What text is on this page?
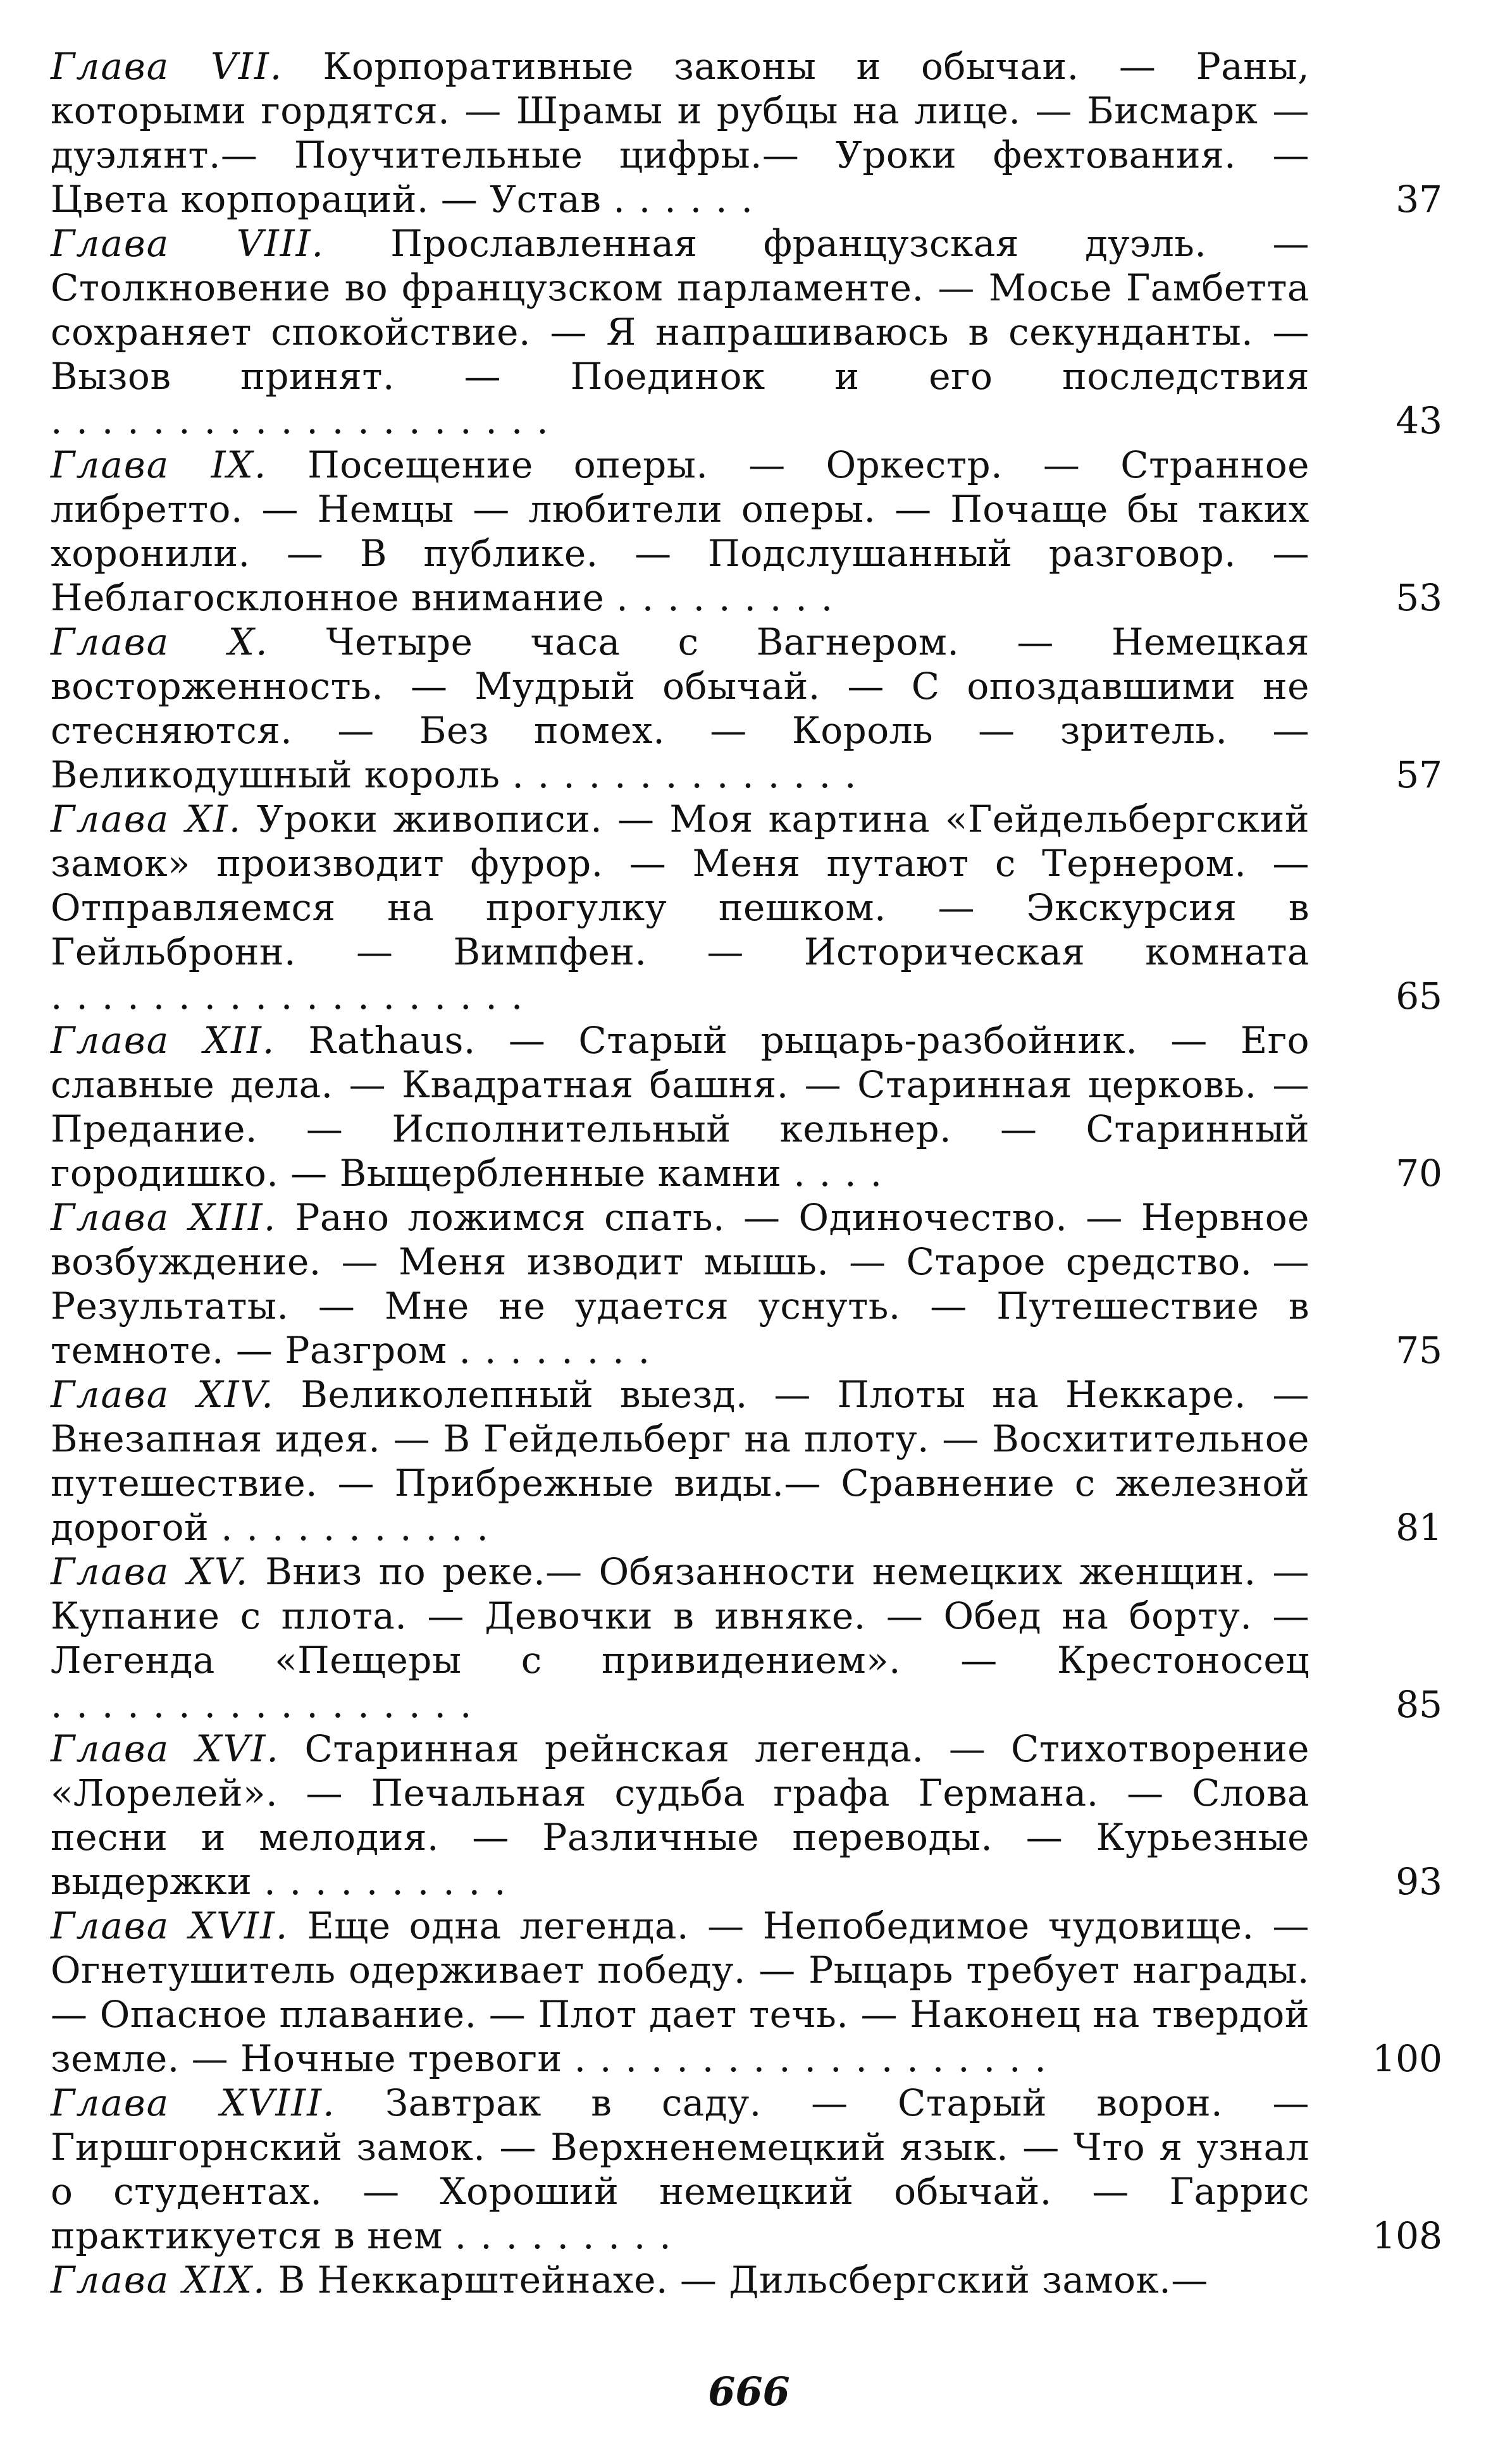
Глава VII. Корпоративные законы и обычаи. — Раны, которыми гордятся. — Шрамы и рубцы на лице. — Бисмарк — дуэлянт.— Поучительные цифры.— Уроки фехтования. — Цвета корпораций. — Устав ......	37
Глава VIII. Прославленная французская дуэль. — Столкновение во французском парламенте. — Мосье Гамбетта сохраняет спокойствие. — Я напрашиваюсь в секунданты. — Вызов принят. — Поединок и его последствия ....................	43
Глава IX. Посещение оперы. — Оркестр. — Странное либретто. — Немцы — любители оперы. — Почаще бы таких хоронили. — В публике. — Подслушанный разговор. — Неблагосклонное внимание .........	53
Глава X. Четыре часа с Вагнером. — Немецкая восторженность. — Мудрый обычай. — С опоздавшими не стесняются. — Без помех. — Король — зритель. — Великодушный король ..............	57
Глава XI. Уроки живописи. — Моя картина «Гейдельбергский замок» производит фурор. — Меня путают с Тернером. — Отправляемся на прогулку пешком. — Экскурсия в Гейльбронн. — Вимпфен. — Историческая комната ...................	65
Глава XII. Rathaus. — Старый рыцарь-разбойник. — Его славные дела. — Квадратная башня. — Старинная церковь. — Предание. — Исполнительный кельнер. — Старинный городишко. — Выщербленные камни ....	70
Глава XIII. Рано ложимся спать. — Одиночество. — Нервное возбуждение. — Меня изводит мышь. — Старое средство. — Результаты. — Мне не удается уснуть. — Путешествие в темноте. — Разгром ........	75
Глава XIV. Великолепный выезд. — Плоты на Неккаре. — Внезапная идея. — В Гейдельберг на плоту. — Восхитительное путешествие. — Прибрежные виды.— Сравнение с железной дорогой ...........	81
Глава XV. Вниз по реке.— Обязанности немецких женщин. — Купание с плота. — Девочки в ивняке. — Обед на борту. — Легенда «Пещеры с привидением». — Крестоносец .................	85
Глава XVI. Старинная рейнская легенда. — Стихотворение «Лорелей». — Печальная судьба графа Германа. — Слова песни и мелодия. — Различные переводы. — Курьезные выдержки ..........	93
Глава XVII. Еще одна легенда. — Непобедимое чудовище. — Огнетушитель одерживает победу. — Рыцарь требует награды. — Опасное плавание. — Плот дает течь. — Наконец на твердой земле. — Ночные тревоги ...................	100
Глава XVIII. Завтрак в саду. — Старый ворон. — Гиршгорнский замок. — Верхненемецкий язык. — Что я узнал о студентах. — Хороший немецкий обычай. — Гаррис практикуется в нем .........	108
Глава XIX. В Неккарштейнахе. — Дильсбергский замок.—
666
